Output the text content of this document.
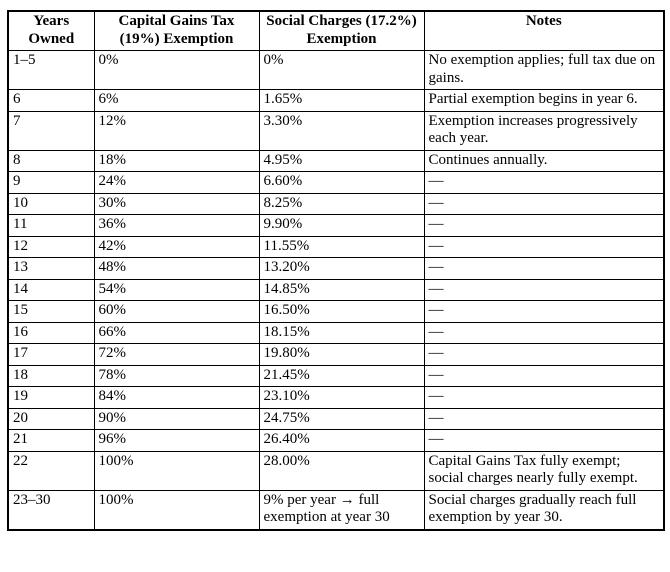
Years Owned	Capital Gains Tax (19%) Exemption	Social Charges (17.2%) Exemption	Notes
1–5	0%	0%	No exemption applies; full tax due on gains.
6	6%	1.65%	Partial exemption begins in year 6.
7	12%	3.30%	Exemption increases progressively each year.
8	18%	4.95%	Continues annually.
9	24%	6.60%	—
10	30%	8.25%	—
11	36%	9.90%	—
12	42%	11.55%	—
13	48%	13.20%	—
14	54%	14.85%	—
15	60%	16.50%	—
16	66%	18.15%	—
17	72%	19.80%	—
18	78%	21.45%	—
19	84%	23.10%	—
20	90%	24.75%	—
21	96%	26.40%	—
22	100%	28.00%	Capital Gains Tax fully exempt; social charges nearly fully exempt.
23–30	100%	9% per year → full exemption at year 30	Social charges gradually reach full exemption by year 30.
